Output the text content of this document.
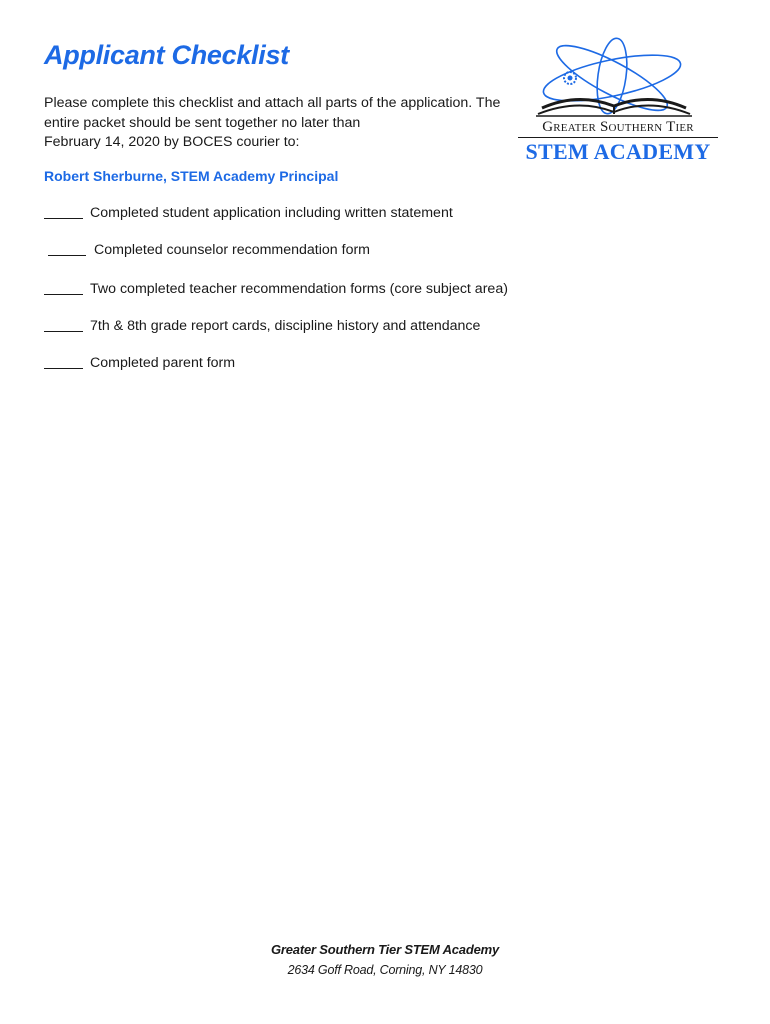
Applicant Checklist
Please complete this checklist and attach all parts of the application. The
entire packet should be sent together no later than
February 14, 2020 by BOCES courier to:

Robert Sherburne, STEM Academy Principal

Completed student application including written statement
Completed counselor recommendation form
Two completed teacher recommendation forms (core subject area)
7th & 8th grade report cards, discipline history and attendance
Completed parent form
Greater Southern Tier
STEM ACADEMY
Greater Southern Tier STEM Academy
2634 Goff Road, Corning, NY 14830
